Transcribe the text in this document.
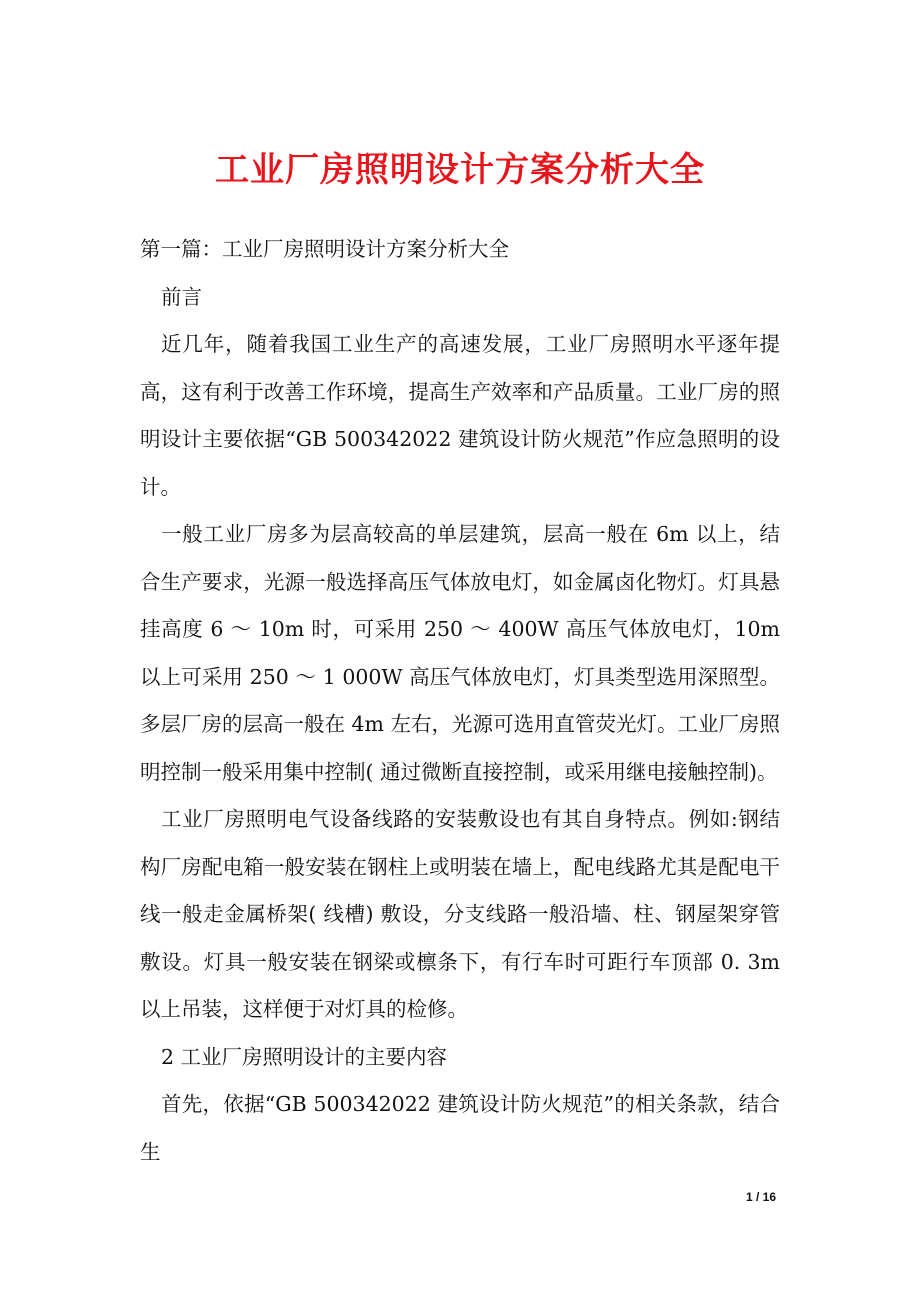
工业厂房照明设计方案分析大全

第一篇：工业厂房照明设计方案分析大全

前言

近几年，随着我国工业生产的高速发展，工业厂房照明水平逐年提高，这有利于改善工作环境，提高生产效率和产品质量。工业厂房的照明设计主要依据“GB 500342022 建筑设计防火规范”作应急照明的设计。

一般工业厂房多为层高较高的单层建筑，层高一般在 6m 以上，结合生产要求，光源一般选择高压气体放电灯，如金属卤化物灯。灯具悬挂高度 6 ～ 10m 时，可采用 250 ～ 400W 高压气体放电灯，10m 以上可采用 250 ～ 1 000W 高压气体放电灯，灯具类型选用深照型。多层厂房的层高一般在 4m 左右，光源可选用直管荧光灯。工业厂房照明控制一般采用集中控制( 通过微断直接控制，或采用继电接触控制)。

工业厂房照明电气设备线路的安装敷设也有其自身特点。例如:钢结构厂房配电箱一般安装在钢柱上或明装在墙上，配电线路尤其是配电干线一般走金属桥架( 线槽) 敷设，分支线路一般沿墙、柱、钢屋架穿管敷设。灯具一般安装在钢梁或檩条下，有行车时可距行车顶部 0. 3m 以上吊装，这样便于对灯具的检修。

2 工业厂房照明设计的主要内容

首先，依据“GB 500342022 建筑设计防火规范”的相关条款，结合生

1 / 16
